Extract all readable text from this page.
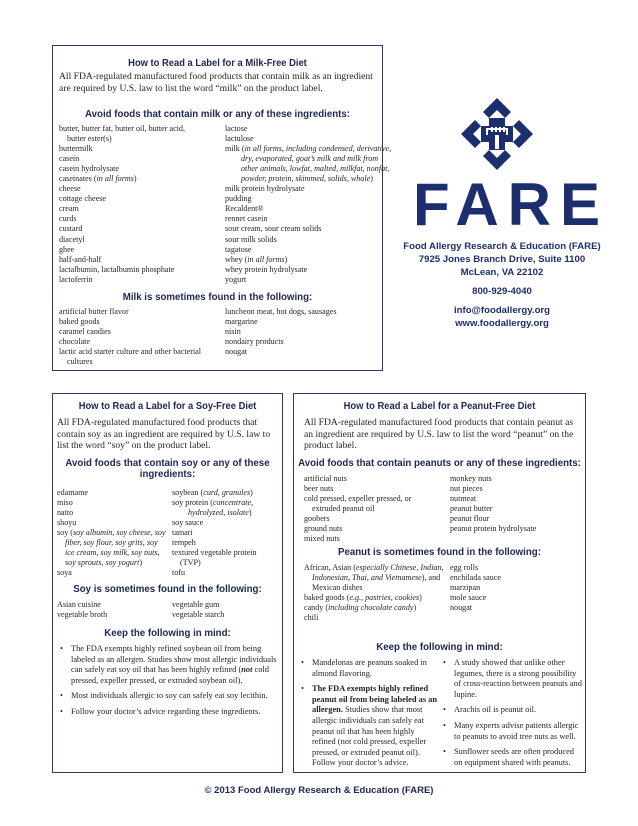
How to Read a Label for a Milk-Free Diet
All FDA-regulated manufactured food products that contain milk as an ingredient are required by U.S. law to list the word “milk” on the product label.
Avoid foods that contain milk or any of these ingredients:
butter, butter fat, butter oil, butter acid,
butter ester(s)
buttermilk
casein
casein hydrolysate
caseinates (in all forms)
cheese
cottage cheese
cream
curds
custard
diacetyl
ghee
half-and-half
lactalbumin, lactalbumin phosphate
lactoferrin
lactose
lactulose
milk (in all forms, including condensed, derivative,
dry, evaporated, goat’s milk and milk from
other animals, lowfat, malted, milkfat, nonfat,
powder, protein, skimmed, solids, whole)
milk protein hydrolysate
pudding
Recaldent®
rennet casein
sour cream, sour cream solids
sour milk solids
tagatose
whey (in all forms)
whey protein hydrolysate
yogurt
Milk is sometimes found in the following:
artificial butter flavor
baked goods
caramel candies
chocolate
lactic acid starter culture and other bacterial
cultures
luncheon meat, hot dogs, sausages
margarine
nisin
nondairy products
nougat
FARE
Food Allergy Research & Education (FARE)
7925 Jones Branch Drive, Suite 1100
McLean, VA 22102
800-929-4040
info@foodallergy.org
www.foodallergy.org
How to Read a Label for a Soy-Free Diet
All FDA-regulated manufactured food products that contain soy as an ingredient are required by U.S. law to list the word “soy” on the product label.
Avoid foods that contain soy or any of these ingredients:
edamame
miso
natto
shoyu
soy (soy albumin, soy cheese, soy
fiber, soy flour, soy grits, soy
ice cream, soy milk, soy nuts,
soy sprouts, soy yogurt)
soya
soybean (curd, granules)
soy protein (concentrate,
hydrolyzed, isolate)
soy sauce
tamari
tempeh
textured vegetable protein
(TVP)
tofu
Soy is sometimes found in the following:
Asian cuisine
vegetable broth
vegetable gum
vegetable starch
Keep the following in mind:
• The FDA exempts highly refined soybean oil from being labeled as an allergen. Studies show most allergic individuals can safely eat soy oil that has been highly refined (not cold pressed, expeller pressed, or extruded soybean oil).
• Most individuals allergic to soy can safely eat soy lecithin.
• Follow your doctor’s advice regarding these ingredients.
How to Read a Label for a Peanut-Free Diet
All FDA-regulated manufactured food products that contain peanut as an ingredient are required by U.S. law to list the word “peanut” on the product label.
Avoid foods that contain peanuts or any of these ingredients:
artificial nuts
beer nuts
cold pressed, expeller pressed, or
extruded peanut oil
goobers
ground nuts
mixed nuts
monkey nuts
nut pieces
nutmeat
peanut butter
peanut flour
peanut protein hydrolysate
Peanut is sometimes found in the following:
African, Asian (especially Chinese, Indian,
Indonesian, Thai, and Vietnamese), and
Mexican dishes
baked goods (e.g., pastries, cookies)
candy (including chocolate candy)
chili
egg rolls
enchilada sauce
marzipan
mole sauce
nougat
Keep the following in mind:
• Mandelonas are peanuts soaked in almond flavoring.
• The FDA exempts highly refined peanut oil from being labeled as an allergen. Studies show that most allergic individuals can safely eat peanut oil that has been highly refined (not cold pressed, expeller pressed, or extruded peanut oil). Follow your doctor’s advice.
• A study showed that unlike other legumes, there is a strong possibility of cross-reaction between peanuts and lupine.
• Arachis oil is peanut oil.
• Many experts advise patients allergic to peanuts to avoid tree nuts as well.
• Sunflower seeds are often produced on equipment shared with peanuts.
© 2013 Food Allergy Research & Education (FARE)
